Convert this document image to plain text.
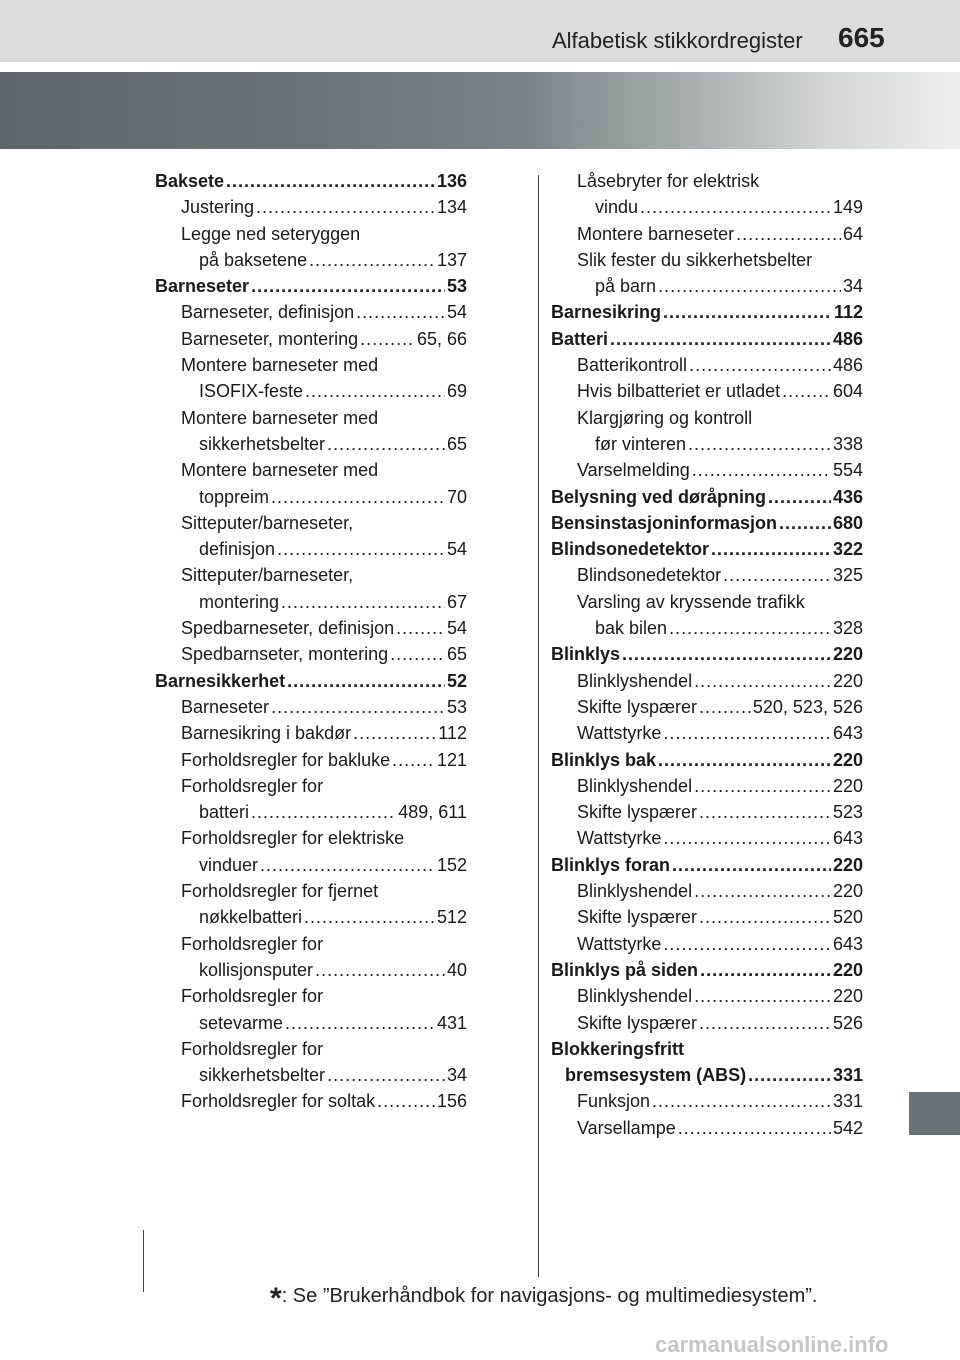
Alfabetisk stikkordregister 665
Baksete .....	136
Justering .....	134
Legge ned seteryggen
på baksetene .....	137
Barneseter .....	53
Barneseter, definisjon .....	54
Barneseter, montering .....	65, 66
Montere barneseter med
ISOFIX-feste .....	69
Montere barneseter med
sikkerhetsbelter .....	65
Montere barneseter med
toppreim .....	70
Sitteputer/barneseter,
definisjon .....	54
Sitteputer/barneseter,
montering .....	67
Spedbarneseter, definisjon .....	54
Spedbarnseter, montering .....	65
Barnesikkerhet .....	52
Barneseter .....	53
Barnesikring i bakdør .....	112
Forholdsregler for bakluke .....	121
Forholdsregler for
batteri .....	489, 611
Forholdsregler for elektriske
vinduer .....	152
Forholdsregler for fjernet
nøkkelbatteri .....	512
Forholdsregler for
kollisjonsputer .....	40
Forholdsregler for
setevarme .....	431
Forholdsregler for
sikkerhetsbelter .....	34
Forholdsregler for soltak .....	156
Låsebryter for elektrisk
vindu .....	149
Montere barneseter .....	64
Slik fester du sikkerhetsbelter
på barn .....	34
Barnesikring .....	112
Batteri .....	486
Batterikontroll .....	486
Hvis bilbatteriet er utladet .....	604
Klargjøring og kontroll
før vinteren .....	338
Varselmelding .....	554
Belysning ved døråpning .....	436
Bensinstasjoninformasjon .....	680
Blindsonedetektor .....	322
Blindsonedetektor .....	325
Varsling av kryssende trafikk
bak bilen .....	328
Blinklys .....	220
Blinklyshendel .....	220
Skifte lyspærer .....	520, 523, 526
Wattstyrke .....	643
Blinklys bak .....	220
Blinklyshendel .....	220
Skifte lyspærer .....	523
Wattstyrke .....	643
Blinklys foran .....	220
Blinklyshendel .....	220
Skifte lyspærer .....	520
Wattstyrke .....	643
Blinklys på siden .....	220
Blinklyshendel .....	220
Skifte lyspærer .....	526
Blokkeringsfritt
bremsesystem (ABS) .....	331
Funksjon .....	331
Varsellampe .....	542
*: Se ”Brukerhåndbok for navigasjons- og multimediesystem”.
carmanualsonline.info
